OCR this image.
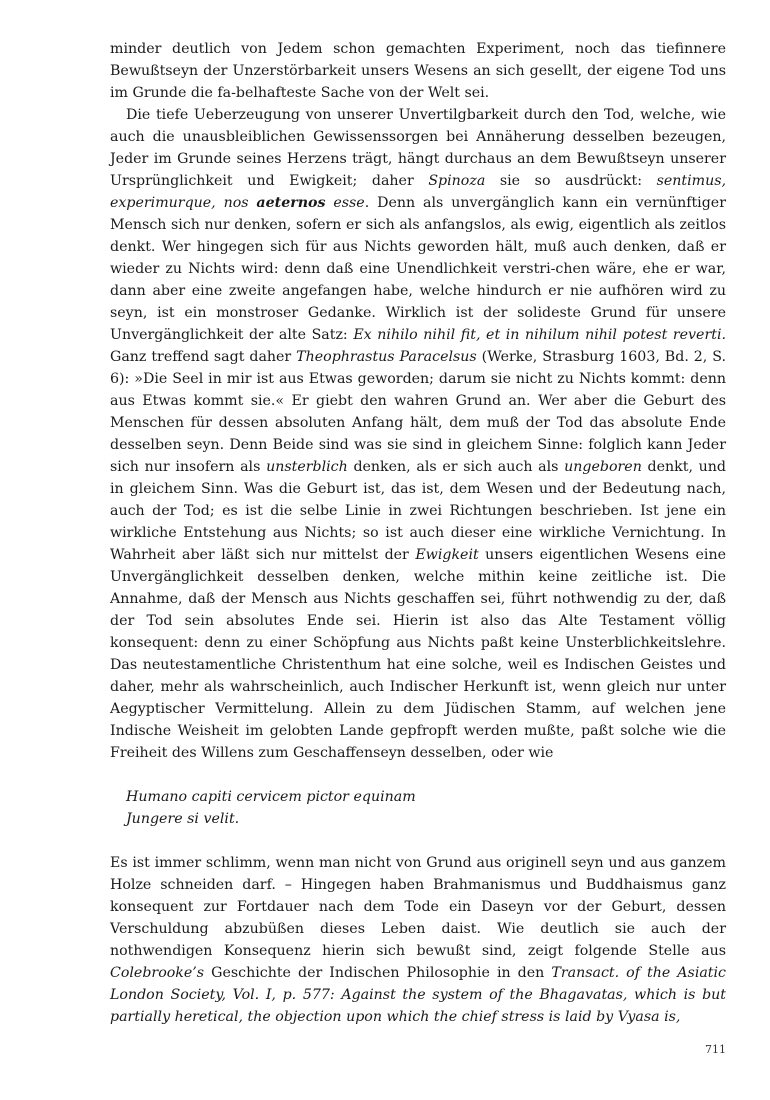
minder deutlich von Jedem schon gemachten Experiment, noch das tiefinnere Bewußtseyn der Unzerstörbarkeit unsers Wesens an sich gesellt, der eigene Tod uns im Grunde die fa-belhafteste Sache von der Welt sei.

Die tiefe Ueberzeugung von unserer Unvertilgbarkeit durch den Tod, welche, wie auch die unausbleiblichen Gewissenssorgen bei Annäherung desselben bezeugen, Jeder im Grunde seines Herzens trägt, hängt durchaus an dem Bewußtseyn unserer Ursprünglichkeit und Ewigkeit; daher Spinoza sie so ausdrückt: sentimus, experimurque, nos aeternos esse. Denn als unvergänglich kann ein vernünftiger Mensch sich nur denken, sofern er sich als anfangslos, als ewig, eigentlich als zeitlos denkt. Wer hingegen sich für aus Nichts geworden hält, muß auch denken, daß er wieder zu Nichts wird: denn daß eine Unendlichkeit verstri-chen wäre, ehe er war, dann aber eine zweite angefangen habe, welche hindurch er nie aufhören wird zu seyn, ist ein monstroser Gedanke. Wirklich ist der solideste Grund für unsere Unvergänglichkeit der alte Satz: Ex nihilo nihil fit, et in nihilum nihil potest reverti. Ganz treffend sagt daher Theophrastus Paracelsus (Werke, Strasburg 1603, Bd. 2, S. 6): »Die Seel in mir ist aus Etwas geworden; darum sie nicht zu Nichts kommt: denn aus Etwas kommt sie.« Er giebt den wahren Grund an. Wer aber die Geburt des Menschen für dessen absoluten Anfang hält, dem muß der Tod das absolute Ende desselben seyn. Denn Beide sind was sie sind in gleichem Sinne: folglich kann Jeder sich nur insofern als unsterblich denken, als er sich auch als ungeboren denkt, und in gleichem Sinn. Was die Geburt ist, das ist, dem Wesen und der Bedeutung nach, auch der Tod; es ist die selbe Linie in zwei Richtungen beschrieben. Ist jene ein wirkliche Entstehung aus Nichts; so ist auch dieser eine wirkliche Vernichtung. In Wahrheit aber läßt sich nur mittelst der Ewigkeit unsers eigentlichen Wesens eine Unvergänglichkeit desselben denken, welche mithin keine zeitliche ist. Die Annahme, daß der Mensch aus Nichts geschaffen sei, führt nothwendig zu der, daß der Tod sein absolutes Ende sei. Hierin ist also das Alte Testament völlig konsequent: denn zu einer Schöpfung aus Nichts paßt keine Unsterblichkeitslehre. Das neutestamentliche Christenthum hat eine solche, weil es Indischen Geistes und daher, mehr als wahrscheinlich, auch Indischer Herkunft ist, wenn gleich nur unter Aegyptischer Vermittelung. Allein zu dem Jüdischen Stamm, auf welchen jene Indische Weisheit im gelobten Lande gepfropft werden mußte, paßt solche wie die Freiheit des Willens zum Geschaffenseyn desselben, oder wie

Humano capiti cervicem pictor equinam
Jungere si velit.

Es ist immer schlimm, wenn man nicht von Grund aus originell seyn und aus ganzem Holze schneiden darf. – Hingegen haben Brahmanismus und Buddhaismus ganz konsequent zur Fortdauer nach dem Tode ein Daseyn vor der Geburt, dessen Verschuldung abzubüßen dieses Leben daist. Wie deutlich sie auch der nothwendigen Konsequenz hierin sich bewußt sind, zeigt folgende Stelle aus Colebrooke’s Geschichte der Indischen Philosophie in den Transact. of the Asiatic London Society, Vol. I, p. 577: Against the system of the Bhagavatas, which is but partially heretical, the objection upon which the chief stress is laid by Vyasa is,

711
